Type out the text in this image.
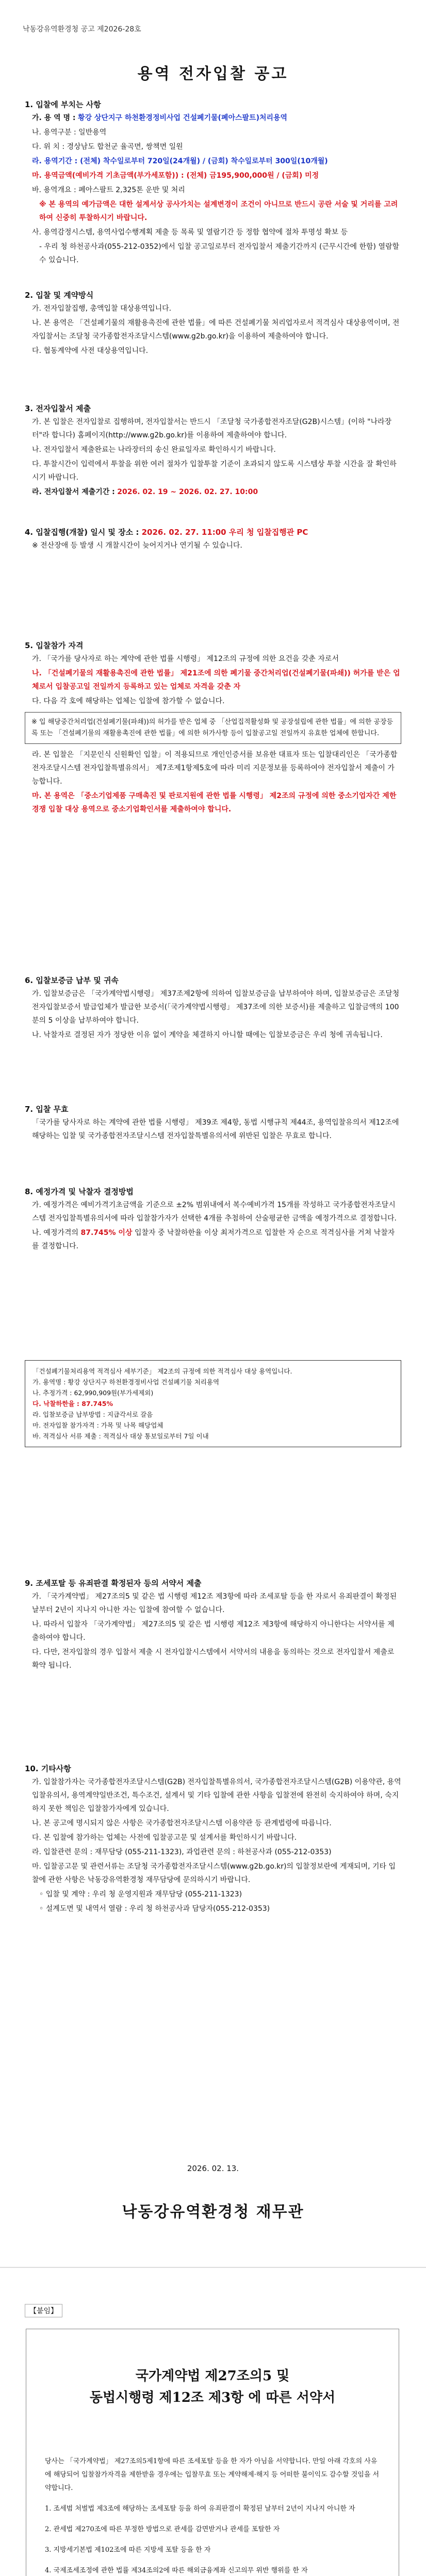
낙동강유역환경청 공고 제2026-28호
용역 전자입찰 공고

1. 입찰에 부치는 사항

가. 용 역 명 : 황강 상단지구 하천환경정비사업 건설폐기물(폐아스팔트)처리용역

나. 용역구분 : 일반용역

다. 위 치 : 경상남도 합천군 율곡면, 쌍책면 일원

라. 용역기간 : (전체) 착수일로부터 720일(24개월) / (금회) 착수일로부터 300일(10개월)

마. 용역금액(예비가격 기초금액(부가세포함)) : (전체) 금195,900,000원 / (금회) 미정

바. 용역개요 : 폐아스팔트 2,325톤 운반 및 처리

※ 본 용역의 예가금액은 대한 설계서상 공사가치는 설계변경이 조건이 아니므로 반드시 공란 서술 및 거리를 고려하여 신중히 투찰하시기 바랍니다.

사. 용역감정시스템, 용역사업수행계획 제출 등 목록 및 열람기간 등 정함 협약에 절차 투명성 확보 등

- 우리 청 하천공사과(055-212-0352)에서 입찰 공고일로부터 전자입찰서 제출기간까지 (근무시간에 한함) 열람할 수 있습니다.

2. 입찰 및 계약방식

가. 전자입찰집행, 총액입찰 대상용역입니다.

나. 본 용역은 「건설폐기물의 재활용촉진에 관한 법률」에 따른 건설폐기물 처리업자로서 적격심사 대상용역이며, 전자입찰서는 조달청 국가종합전자조달시스템(www.g2b.go.kr)을 이용하여 제출하여야 합니다.

다. 협동계약에 사전 대상용역입니다.

3. 전자입찰서 제출

가. 본 입찰은 전자입찰로 집행하며, 전자입찰서는 반드시 「조달청 국가종합전자조달(G2B)시스템」(이하 "나라장터"라 합니다) 홈페이지(http://www.g2b.go.kr)를 이용하여 제출하여야 합니다.

나. 전자입찰서 제출완료는 나라장터의 송신 완료일자로 확인하시기 바랍니다.

다. 투찰시간이 입력에서 투찰을 위한 여러 절차가 입찰투찰 기준이 초과되지 않도록 시스템상 투찰 시간을 잘 확인하시기 바랍니다.

라. 전자입찰서 제출기간 : 2026. 02. 19 ~ 2026. 02. 27. 10:00

4. 입찰집행(개찰) 일시 및 장소 : 2026. 02. 27. 11:00 우리 청 입찰집행관 PC

※ 전산장애 등 발생 시 개찰시간이 늦어지거나 연기될 수 있습니다.

5. 입찰참가 자격

가. 「국가를 당사자로 하는 계약에 관한 법률 시행령」 제12조의 규정에 의한 요건을 갖춘 자로서

나. 「건설폐기물의 재활용촉진에 관한 법률」 제21조에 의한 폐기물 중간처리업(건설폐기물(파쇄)) 허가를 받은 업체로서 입찰공고일 전일까지 등록하고 있는 업체로 자격을 갖춘 자

다. 다음 각 호에 해당하는 업체는 입찰에 참가할 수 없습니다.

※ 입 해당중간처리업(건설폐기물(파쇄))의 허가를 받은 업체 중 「산업집적활성화 및 공장설립에 관한 법률」에 의한 공장등록 또는 「건설폐기물의 재활용촉진에 관한 법률」에 의한 허가사항 등이 입찰공고일 전일까지 유효한 업체에 한합니다.

라. 본 입찰은 「지문인식 신원확인 입찰」이 적용되므로 개인인증서를 보유한 대표자 또는 입찰대리인은 「국가종합전자조달시스템 전자입찰특별유의서」 제7조제1항제5호에 따라 미리 지문정보를 등록하여야 전자입찰서 제출이 가능합니다.

마. 본 용역은 「중소기업제품 구매촉진 및 판로지원에 관한 법률 시행령」 제2조의 규정에 의한 중소기업자간 제한경쟁 입찰 대상 용역으로 중소기업확인서를 제출하여야 합니다.

6. 입찰보증금 납부 및 귀속

가. 입찰보증금은 「국가계약법시행령」 제37조제2항에 의하여 입찰보증금을 납부하여야 하며, 입찰보증금은 조달청 전자입찰보증서 발급업체가 발급한 보증서(「국가계약법시행령」 제37조에 의한 보증서)를 제출하고 입찰금액의 100분의 5 이상을 납부하여야 합니다.

나. 낙찰자로 결정된 자가 정당한 이유 없이 계약을 체결하지 아니할 때에는 입찰보증금은 우리 청에 귀속됩니다.

7. 입찰 무효

「국가를 당사자로 하는 계약에 관한 법률 시행령」 제39조 제4항, 동법 시행규칙 제44조, 용역입찰유의서 제12조에 해당하는 입찰 및 국가종합전자조달시스템 전자입찰특별유의서에 위반된 입찰은 무효로 합니다.

8. 예정가격 및 낙찰자 결정방법

가. 예정가격은 예비가격기초금액을 기준으로 ±2% 범위내에서 복수예비가격 15개를 작성하고 국가종합전자조달시스템 전자입찰특별유의서에 따라 입찰참가자가 선택한 4개를 추첨하여 산술평균한 금액을 예정가격으로 결정합니다.

나. 예정가격의 87.745% 이상 입찰자 중 낙찰하한율 이상 최저가격으로 입찰한 자 순으로 적격심사를 거쳐 낙찰자를 결정합니다.

「건설폐기물처리용역 적격심사 세부기준」 제2조의 규정에 의한 적격심사 대상 용역입니다.
가. 용역명 : 황강 상단지구 하천환경정비사업 건설폐기물 처리용역
나. 추정가격 : 62,990,909원(부가세제외)
다. 낙찰하한율 : 87.745%
라. 입찰보증금 납부방법 : 지급각서로 갈음
마. 전자입찰 참가자격 : 가목 및 나목 해당업체
바. 적격심사 서류 제출 : 적격심사 대상 통보일로부터 7일 이내

9. 조세포탈 등 유죄판결 확정된자 등의 서약서 제출

가. 「국가계약법」 제27조의5 및 같은 법 시행령 제12조 제3항에 따라 조세포탈 등을 한 자로서 유죄판결이 확정된 날부터 2년이 지나지 아니한 자는 입찰에 참여할 수 없습니다.

나. 따라서 입찰자 「국가계약법」 제27조의5 및 같은 법 시행령 제12조 제3항에 해당하지 아니한다는 서약서를 제출하여야 합니다.

다. 다만, 전자입찰의 경우 입찰서 제출 시 전자입찰시스템에서 서약서의 내용을 동의하는 것으로 전자입찰서 제출로 확약 됩니다.

10. 기타사항

가. 입찰참가자는 국가종합전자조달시스템(G2B) 전자입찰특별유의서, 국가종합전자조달시스템(G2B) 이용약관, 용역입찰유의서, 용역계약일반조건, 특수조건, 설계서 및 기타 입찰에 관한 사항을 입찰전에 완전히 숙지하여야 하며, 숙지하지 못한 책임은 입찰참가자에게 있습니다.

나. 본 공고에 명시되지 않은 사항은 국가종합전자조달시스템 이용약관 등 관계법령에 따릅니다.

다. 본 입찰에 참가하는 업체는 사전에 입찰공고문 및 설계서를 확인하시기 바랍니다.

라. 입찰관련 문의 : 재무담당 (055-211-1323), 과업관련 문의 : 하천공사과 (055-212-0353)

마. 입찰공고문 및 관련서류는 조달청 국가종합전자조달시스템(www.g2b.go.kr)의 입찰정보란에 게재되며, 기타 입찰에 관한 사항은 낙동강유역환경청 재무담당에 문의하시기 바랍니다.

◦ 입찰 및 계약 : 우리 청 운영지원과 재무담당 (055-211-1323)

◦ 설계도면 및 내역서 열람 : 우리 청 하천공사과 담당자(055-212-0353)

2026. 02. 13.
낙동강유역환경청 재무관
【붙임】
국가계약법 제27조의5 및
동법시행령 제12조 제3항 에 따른 서약서

당사는 「국가계약법」 제27조의5제1항에 따른 조세포탈 등을 한 자가 아님을 서약합니다. 만일 아래 각호의 사유에 해당되어 입찰참가자격을 제한받을 경우에는 입찰무효 또는 계약해제·해지 등 어떠한 불이익도 감수할 것임을 서약합니다.

1. 조세범 처벌법 제3조에 해당하는 조세포탈 등을 하여 유죄판결이 확정된 날부터 2년이 지나지 아니한 자

2. 관세법 제270조에 따른 부정한 방법으로 관세를 감면받거나 관세를 포탈한 자

3. 지방세기본법 제102조에 따른 지방세 포탈 등을 한 자

4. 국제조세조정에 관한 법률 제34조의2에 따른 해외금융계좌 신고의무 위반 행위를 한 자
